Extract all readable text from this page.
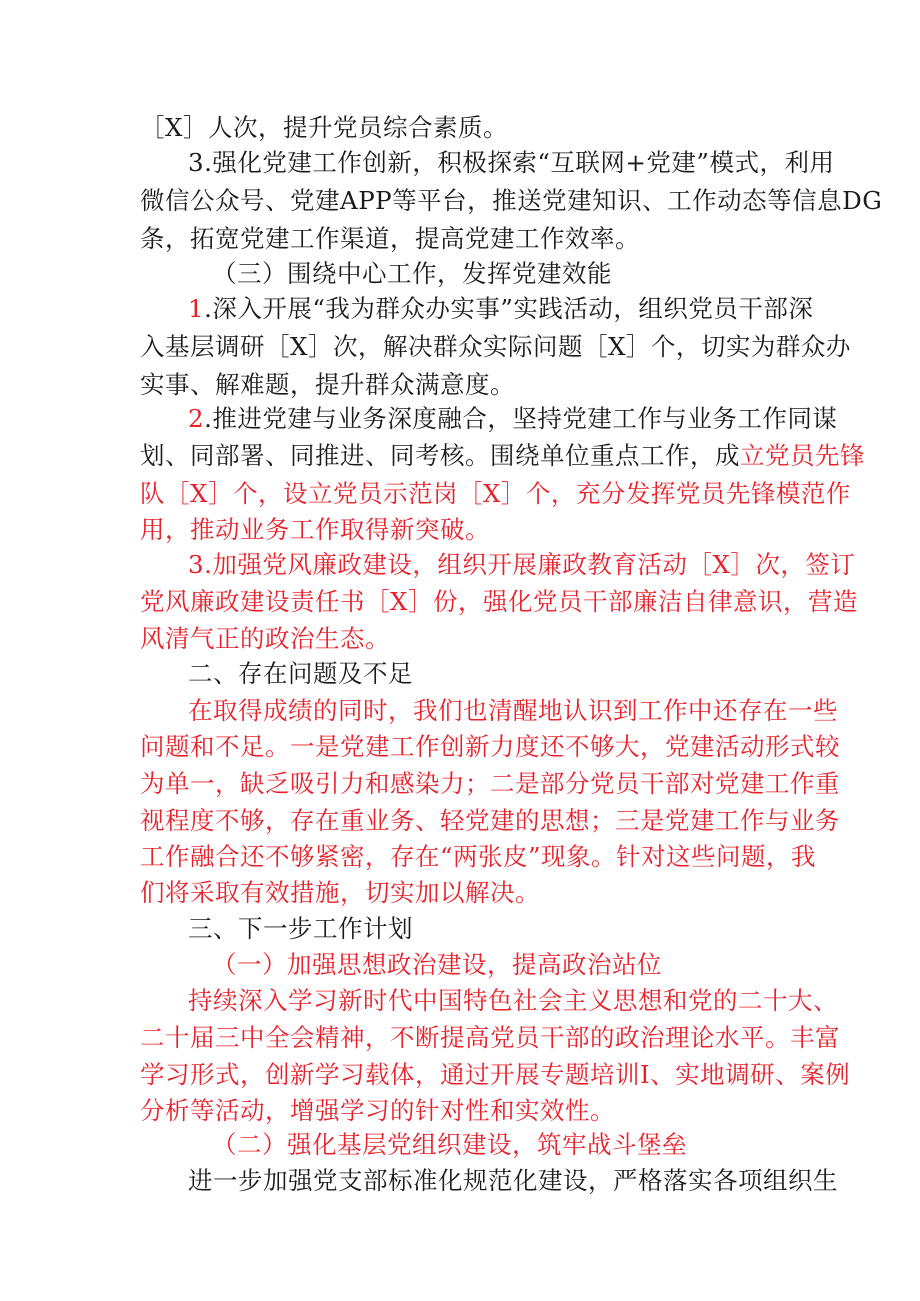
［X］人次，提升党员综合素质。
3.强化党建工作创新，积极探索“互联网+党建”模式，利用
微信公众号、党建APP等平台，推送党建知识、工作动态等信息DG
条，拓宽党建工作渠道，提高党建工作效率。
（三）围绕中心工作，发挥党建效能
1.深入开展“我为群众办实事”实践活动，组织党员干部深
入基层调研［X］次，解决群众实际问题［X］个，切实为群众办
实事、解难题，提升群众满意度。
2.推进党建与业务深度融合，坚持党建工作与业务工作同谋
划、同部署、同推进、同考核。围绕单位重点工作，成立党员先锋
队［X］个，设立党员示范岗［X］个，充分发挥党员先锋模范作
用，推动业务工作取得新突破。
3.加强党风廉政建设，组织开展廉政教育活动［X］次，签订
党风廉政建设责任书［X］份，强化党员干部廉洁自律意识，营造
风清气正的政治生态。
二、存在问题及不足
在取得成绩的同时，我们也清醒地认识到工作中还存在一些
问题和不足。一是党建工作创新力度还不够大，党建活动形式较
为单一，缺乏吸引力和感染力；二是部分党员干部对党建工作重
视程度不够，存在重业务、轻党建的思想；三是党建工作与业务
工作融合还不够紧密，存在“两张皮”现象。针对这些问题，我
们将采取有效措施，切实加以解决。
三、下一步工作计划
（一）加强思想政治建设，提高政治站位
持续深入学习新时代中国特色社会主义思想和党的二十大、
二十届三中全会精神，不断提高党员干部的政治理论水平。丰富
学习形式，创新学习载体，通过开展专题培训I、实地调研、案例
分析等活动，增强学习的针对性和实效性。
（二）强化基层党组织建设，筑牢战斗堡垒
进一步加强党支部标准化规范化建设，严格落实各项组织生
